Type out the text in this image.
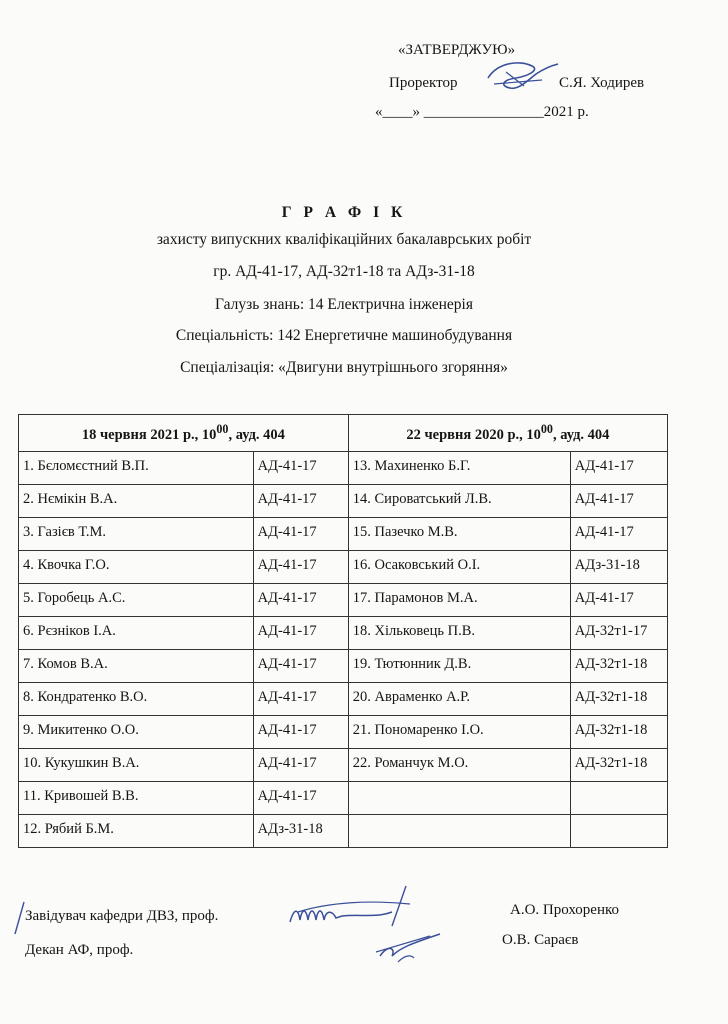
«ЗАТВЕРДЖУЮ»
Проректор	С.Я. Ходирев
«____» ________________2021 р.
Г Р А Ф І К
захисту випускних кваліфікаційних бакалаврських робіт
гр. АД-41-17, АД-32т1-18 та АДз-31-18
Галузь знань: 14 Електрична інженерія
Спеціальність: 142 Енергетичне машинобудування
Спеціалізація: «Двигуни внутрішнього згоряння»
18 червня 2021 р., $10^{00}$, ауд. 404		22 червня 2020 р., $10^{00}$, ауд. 404	
1. Бєломєстний В.П.	АД-41-17	13. Махиненко Б.Г.	АД-41-17
2. Нємікін В.А.	АД-41-17	14. Сироватський Л.В.	АД-41-17
3. Газієв Т.М.	АД-41-17	15. Пазечко М.В.	АД-41-17
4. Квочка Г.О.	АД-41-17	16. Осаковський О.І.	АДз-31-18
5. Горобець А.С.	АД-41-17	17. Парамонов М.А.	АД-41-17
6. Рєзніков І.А.	АД-41-17	18. Хільковець П.В.	АД-32т1-17
7. Комов В.А.	АД-41-17	19. Тютюнник Д.В.	АД-32т1-18
8. Кондратенко В.О.	АД-41-17	20. Авраменко А.Р.	АД-32т1-18
9. Микитенко О.О.	АД-41-17	21. Пономаренко І.О.	АД-32т1-18
10. Кукушкин В.А.	АД-41-17	22. Романчук М.О.	АД-32т1-18
11. Кривошей В.В.	АД-41-17		
12. Рябий Б.М.	АДз-31-18		
Завідувач кафедри ДВЗ, проф.
Декан АФ, проф.
А.О. Прохоренко
О.В. Сараєв
